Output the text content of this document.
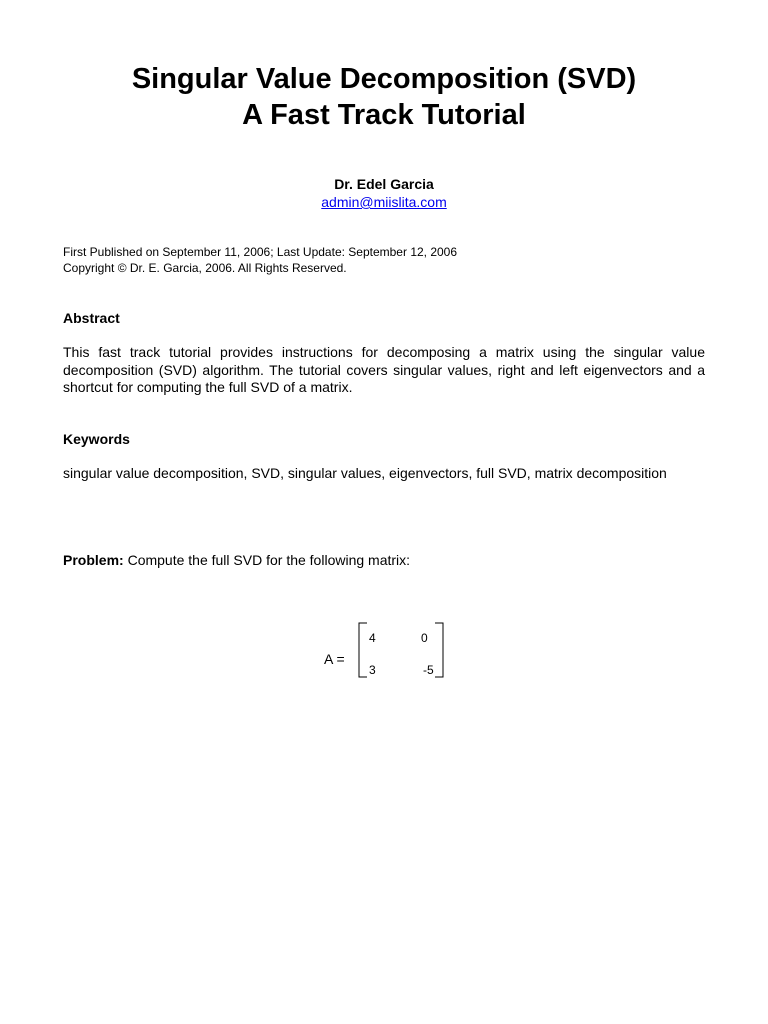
Singular Value Decomposition (SVD)
A Fast Track Tutorial
Dr. Edel Garcia
admin@miislita.com
First Published on September 11, 2006; Last Update: September 12, 2006
Copyright © Dr. E. Garcia, 2006. All Rights Reserved.
Abstract
This fast track tutorial provides instructions for decomposing a matrix using the singular value decomposition (SVD) algorithm. The tutorial covers singular values, right and left eigenvectors and a shortcut for computing the full SVD of a matrix.
Keywords
singular value decomposition, SVD, singular values, eigenvectors, full SVD, matrix decomposition
Problem: Compute the full SVD for the following matrix:
A =
4	0
3	-5
